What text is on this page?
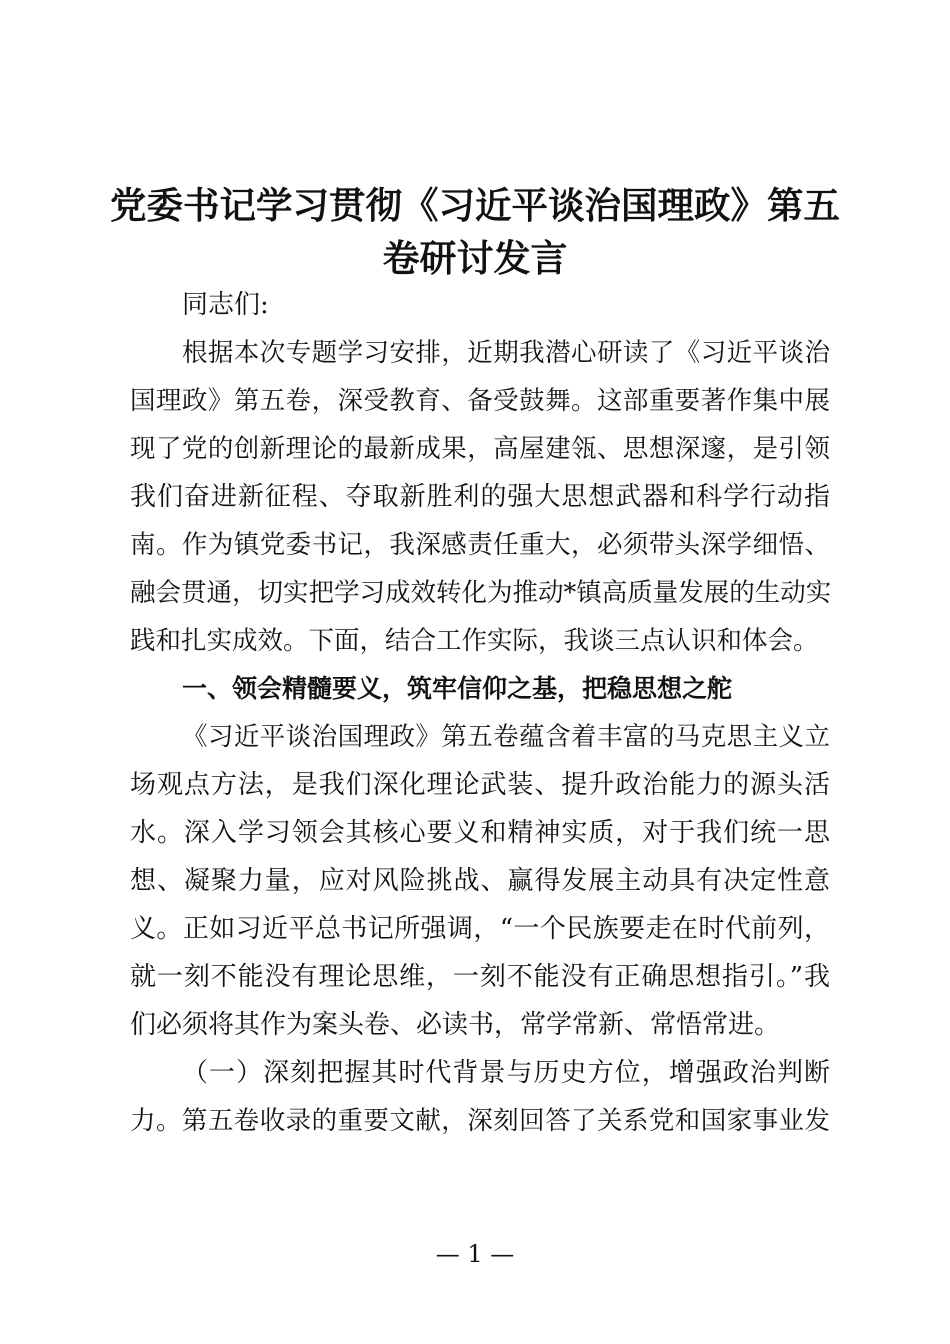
党委书记学习贯彻《习近平谈治国理政》第五
卷研讨发言
同志们:
根据本次专题学习安排，近期我潜心研读了《习近平谈治
国理政》第五卷，深受教育、备受鼓舞。这部重要著作集中展
现了党的创新理论的最新成果，高屋建瓴、思想深邃，是引领
我们奋进新征程、夺取新胜利的强大思想武器和科学行动指
南。作为镇党委书记，我深感责任重大，必须带头深学细悟、
融会贯通，切实把学习成效转化为推动*镇高质量发展的生动实
践和扎实成效。下面，结合工作实际，我谈三点认识和体会。
一、领会精髓要义，筑牢信仰之基，把稳思想之舵
《习近平谈治国理政》第五卷蕴含着丰富的马克思主义立
场观点方法，是我们深化理论武装、提升政治能力的源头活
水。深入学习领会其核心要义和精神实质，对于我们统一思
想、凝聚力量，应对风险挑战、赢得发展主动具有决定性意
义。正如习近平总书记所强调，“一个民族要走在时代前列，
就一刻不能没有理论思维，一刻不能没有正确思想指引。”我
们必须将其作为案头卷、必读书，常学常新、常悟常进。
（一）深刻把握其时代背景与历史方位，增强政治判断
力。第五卷收录的重要文献，深刻回答了关系党和国家事业发
— 1 —
